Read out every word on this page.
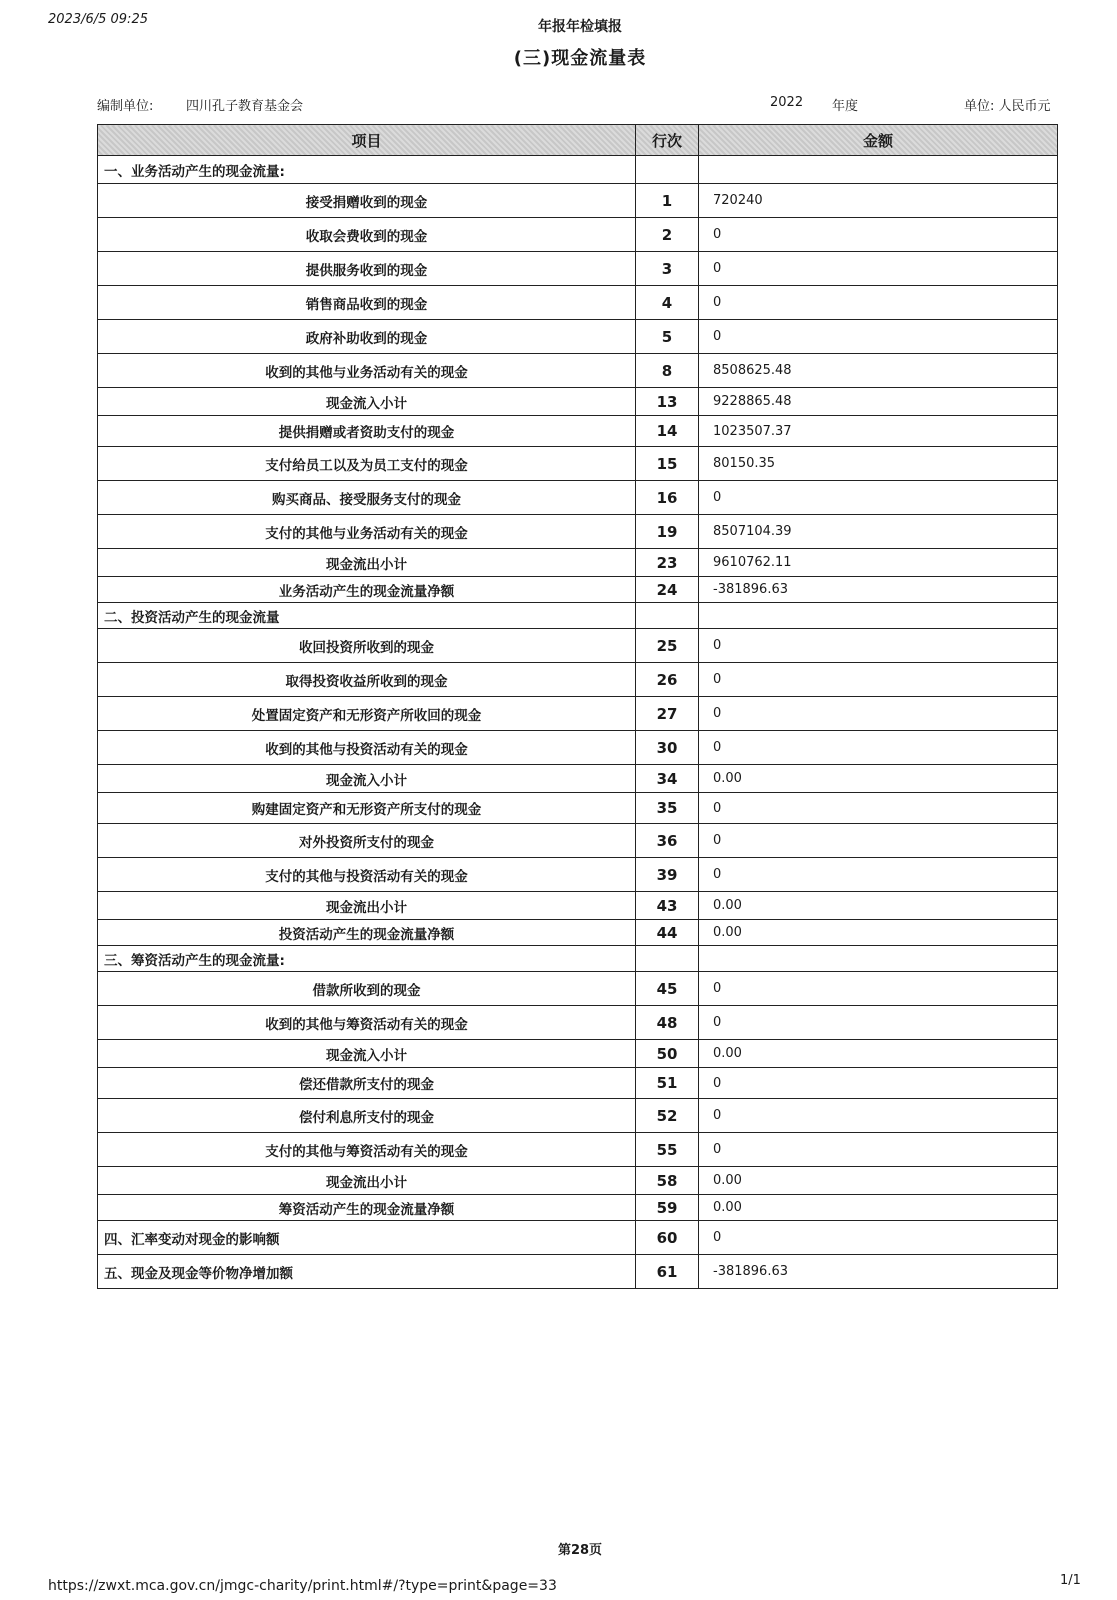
2023/6/5 09:25	年报年检填报
(三)现金流量表
编制单位:	四川孔子教育基金会	2022 年度	单位: 人民币元
项目	行次	金额
一、业务活动产生的现金流量:		
接受捐赠收到的现金	1	720240
收取会费收到的现金	2	0
提供服务收到的现金	3	0
销售商品收到的现金	4	0
政府补助收到的现金	5	0
收到的其他与业务活动有关的现金	8	8508625.48
现金流入小计	13	9228865.48
提供捐赠或者资助支付的现金	14	1023507.37
支付给员工以及为员工支付的现金	15	80150.35
购买商品、接受服务支付的现金	16	0
支付的其他与业务活动有关的现金	19	8507104.39
现金流出小计	23	9610762.11
业务活动产生的现金流量净额	24	-381896.63
二、投资活动产生的现金流量		
收回投资所收到的现金	25	0
取得投资收益所收到的现金	26	0
处置固定资产和无形资产所收回的现金	27	0
收到的其他与投资活动有关的现金	30	0
现金流入小计	34	0.00
购建固定资产和无形资产所支付的现金	35	0
对外投资所支付的现金	36	0
支付的其他与投资活动有关的现金	39	0
现金流出小计	43	0.00
投资活动产生的现金流量净额	44	0.00
三、筹资活动产生的现金流量:		
借款所收到的现金	45	0
收到的其他与筹资活动有关的现金	48	0
现金流入小计	50	0.00
偿还借款所支付的现金	51	0
偿付利息所支付的现金	52	0
支付的其他与筹资活动有关的现金	55	0
现金流出小计	58	0.00
筹资活动产生的现金流量净额	59	0.00
四、汇率变动对现金的影响额	60	0
五、现金及现金等价物净增加额	61	-381896.63
第28页
https://zwxt.mca.gov.cn/jmgc-charity/print.html#/?type=print&page=33	1/1
